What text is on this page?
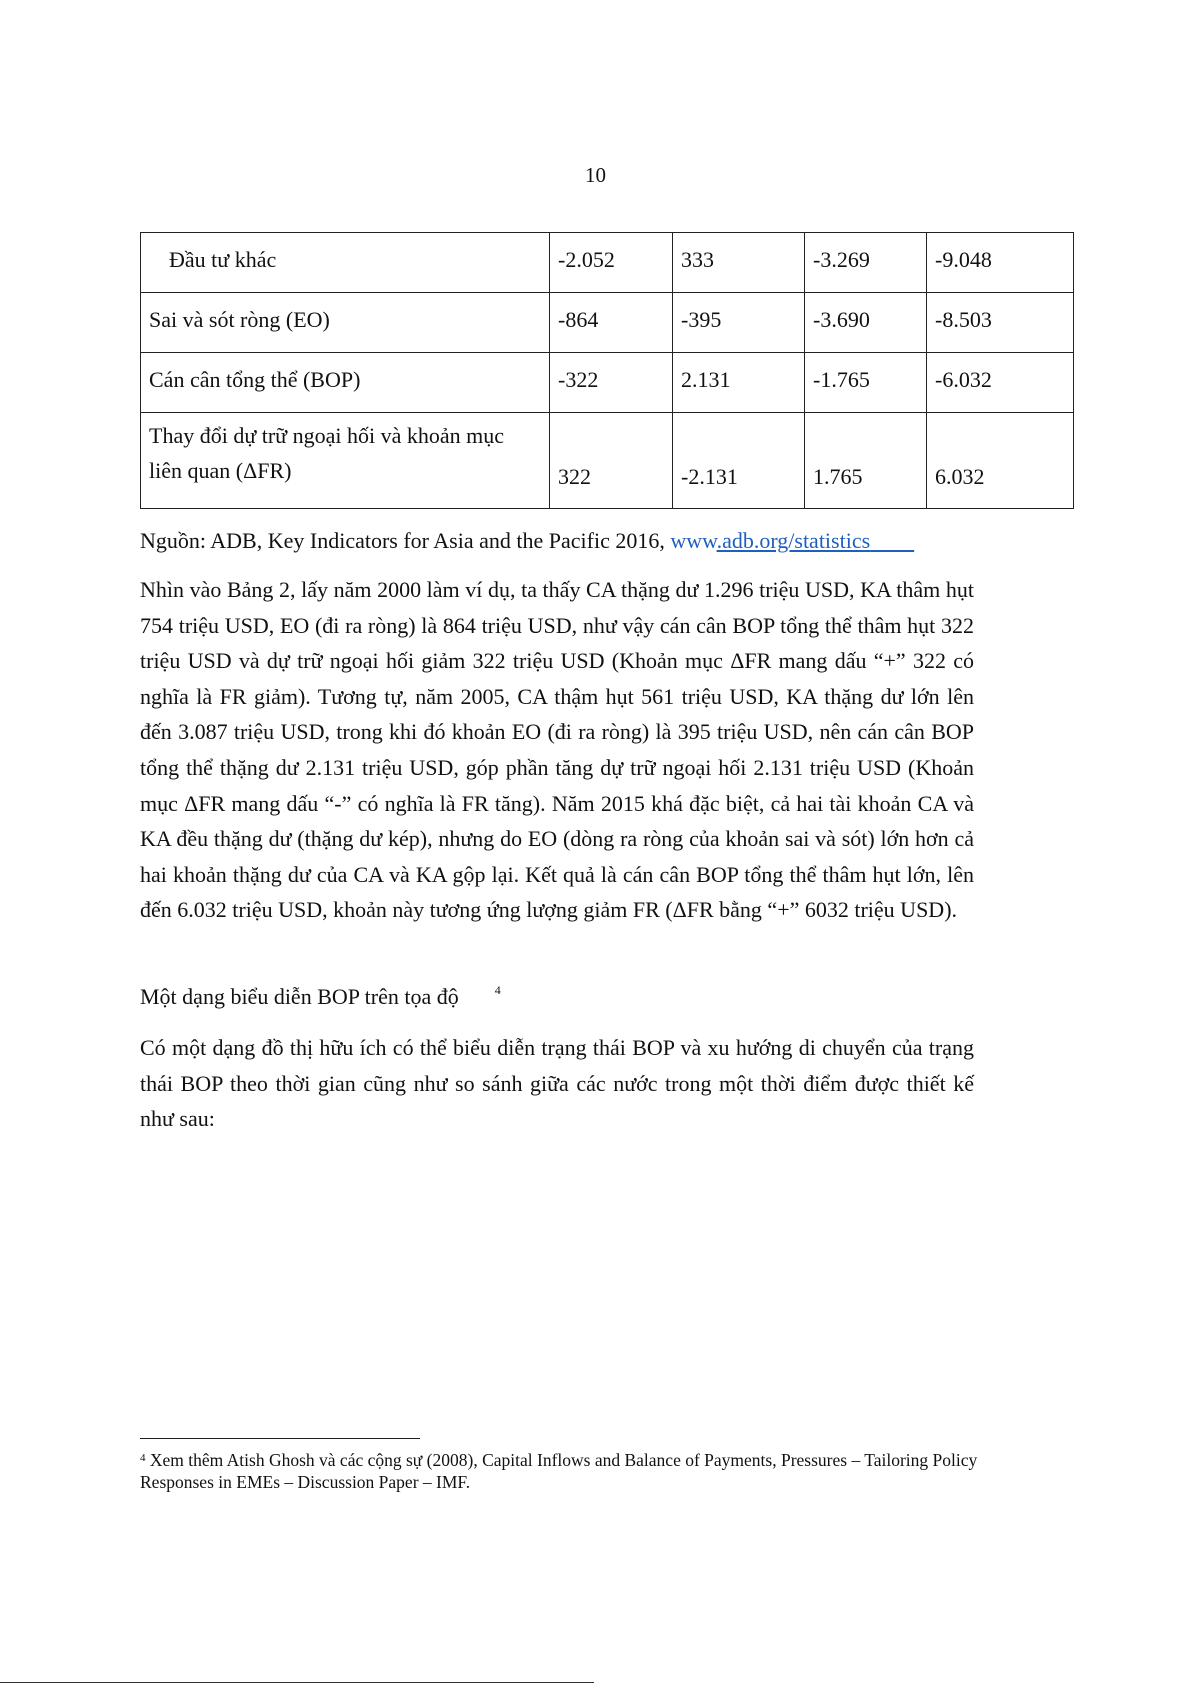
10
Đầu tư khác	-2.052	333	-3.269	-9.048
Sai và sót ròng (EO)	-864	-395	-3.690	-8.503
Cán cân tổng thể (BOP)	-322	2.131	-1.765	-6.032

Thay đổi dự trữ ngoại hối và khoản mục
liên quan (ΔFR)	322	-2.131	1.765	6.032
Nguồn: ADB, Key Indicators for Asia and the Pacific 2016, www.adb.org/statistics  

Nhìn vào Bảng 2, lấy năm 2000 làm ví dụ, ta thấy CA thặng dư 1.296 triệu USD, KA thâm hụt 754 triệu USD, EO (đi ra ròng) là 864 triệu USD, như vậy cán cân BOP tổng thể thâm hụt 322 triệu USD và dự trữ ngoại hối giảm 322 triệu USD (Khoản mục ΔFR mang dấu “+” 322 có nghĩa là FR giảm). Tương tự, năm 2005, CA thậm hụt 561 triệu USD, KA thặng dư lớn lên đến 3.087 triệu USD, trong khi đó khoản EO (đi ra ròng) là 395 triệu USD, nên cán cân BOP tổng thể thặng dư 2.131 triệu USD, góp phần tăng dự trữ ngoại hối 2.131 triệu USD (Khoản mục ΔFR mang dấu “-” có nghĩa là FR tăng). Năm 2015 khá đặc biệt, cả hai tài khoản CA và KA đều thặng dư (thặng dư kép), nhưng do EO (dòng ra ròng của khoản sai và sót) lớn hơn cả hai khoản thặng dư của CA và KA gộp lại. Kết quả là cán cân BOP tổng thể thâm hụt lớn, lên đến 6.032 triệu USD, khoản này tương ứng lượng giảm FR (ΔFR bằng “+” 6032 triệu USD).

Một dạng biểu diễn BOP trên tọa độ	$^4$

Có một dạng đồ thị hữu ích có thể biểu diễn trạng thái BOP và xu hướng di chuyển của trạng thái BOP theo thời gian cũng như so sánh giữa các nước trong một thời điểm được thiết kế như sau:

$^4$ Xem thêm Atish Ghosh và các cộng sự (2008), Capital Inflows and Balance of Payments, Pressures – Tailoring Policy Responses in EMEs – Discussion Paper – IMF.
